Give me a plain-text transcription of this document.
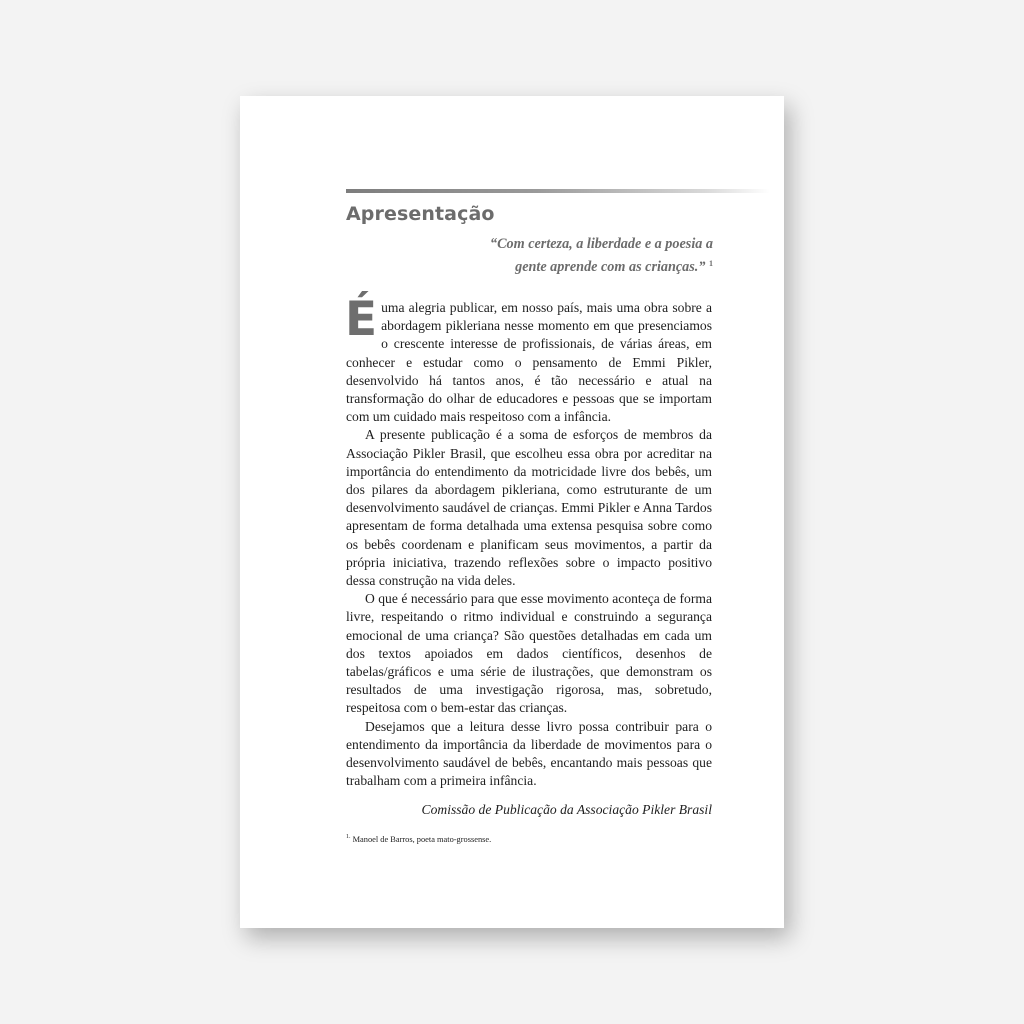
Apresentação
“Com certeza, a liberdade e a poesia a
gente aprende com as crianças.” $^1$

É uma alegria publicar, em nosso país, mais uma obra sobre a abordagem pikleriana nesse momento em que presenciamos o crescente interesse de profissionais, de várias áreas, em conhecer e estudar como o pensamento de Emmi Pikler, desenvolvido há tantos anos, é tão necessário e atual na transformação do olhar de educadores e pessoas que se importam com um cuidado mais respeitoso com a infância.

A presente publicação é a soma de esforços de membros da Associação Pikler Brasil, que escolheu essa obra por acreditar na importância do entendimento da motricidade livre dos bebês, um dos pilares da abordagem pikleriana, como estruturante de um desenvolvimento saudável de crianças. Emmi Pikler e Anna Tardos apresentam de forma detalhada uma extensa pesquisa sobre como os bebês coordenam e planificam seus movimentos, a partir da própria iniciativa, trazendo reflexões sobre o impacto positivo dessa construção na vida deles.

O que é necessário para que esse movimento aconteça de forma livre, respeitando o ritmo individual e construindo a segurança emocional de uma criança? São questões detalhadas em cada um dos textos apoiados em dados científicos, desenhos de tabelas/gráficos e uma série de ilustrações, que demonstram os resultados de uma investigação rigorosa, mas, sobretudo, respeitosa com o bem-estar das crianças.

Desejamos que a leitura desse livro possa contribuir para o entendimento da importância da liberdade de movimentos para o desenvolvimento saudável de bebês, encantando mais pessoas que trabalham com a primeira infância.

Comissão de Publicação da Associação Pikler Brasil
$^{1.}$ Manoel de Barros, poeta mato-grossense.
